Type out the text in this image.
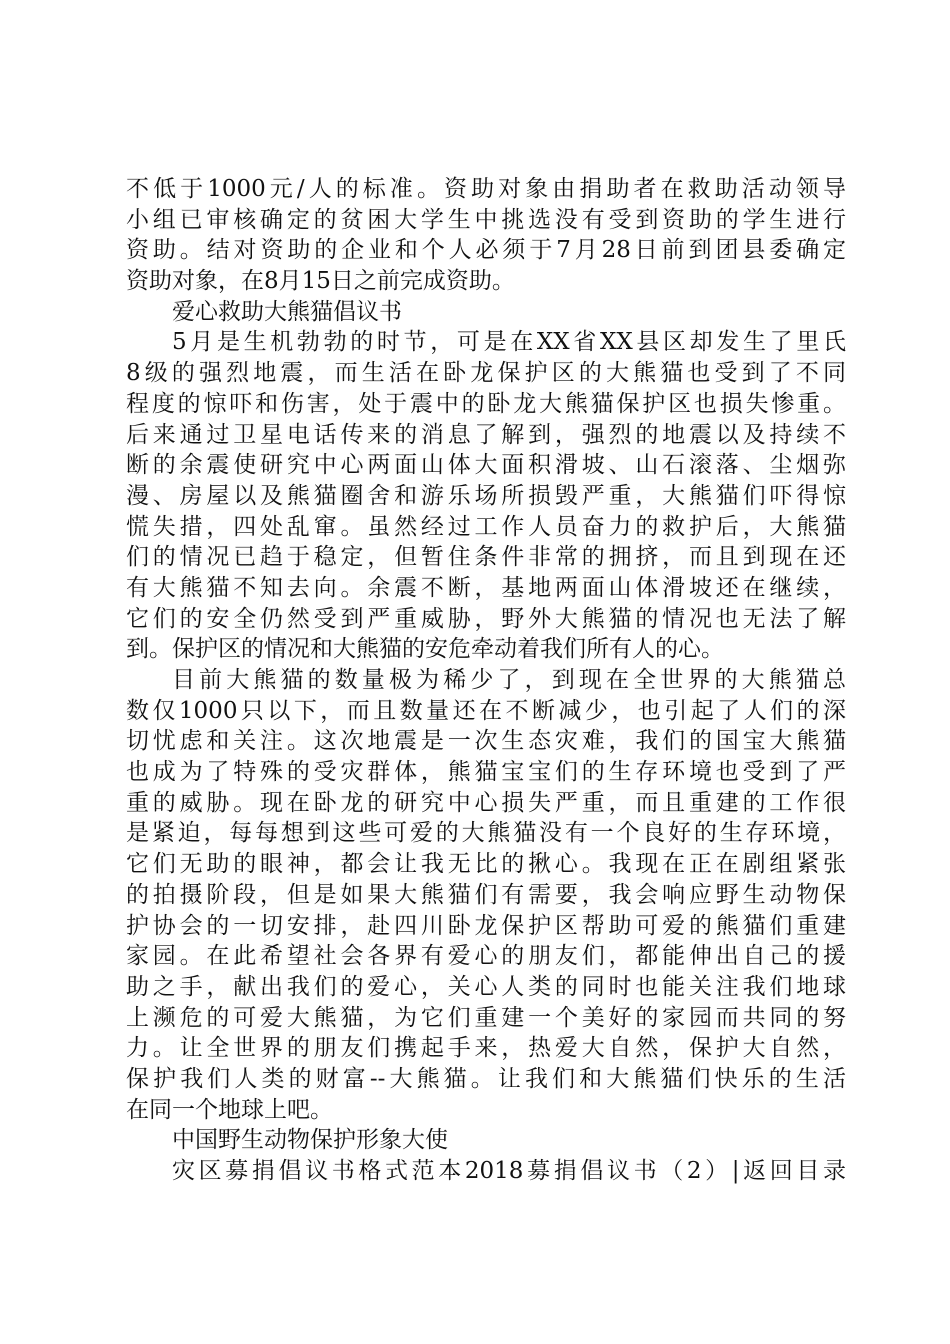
不低于1000元/人的标准。资助对象由捐助者在救助活动领导
小组已审核确定的贫困大学生中挑选没有受到资助的学生进行
资助。结对资助的企业和个人必须于7月28日前到团县委确定
资助对象，在8月15日之前完成资助。
爱心救助大熊猫倡议书
5月是生机勃勃的时节，可是在XX省XX县区却发生了里氏
8级的强烈地震，而生活在卧龙保护区的大熊猫也受到了不同
程度的惊吓和伤害，处于震中的卧龙大熊猫保护区也损失惨重。
后来通过卫星电话传来的消息了解到，强烈的地震以及持续不
断的余震使研究中心两面山体大面积滑坡、山石滚落、尘烟弥
漫、房屋以及熊猫圈舍和游乐场所损毁严重，大熊猫们吓得惊
慌失措，四处乱窜。虽然经过工作人员奋力的救护后，大熊猫
们的情况已趋于稳定，但暂住条件非常的拥挤，而且到现在还
有大熊猫不知去向。余震不断，基地两面山体滑坡还在继续，
它们的安全仍然受到严重威胁，野外大熊猫的情况也无法了解
到。保护区的情况和大熊猫的安危牵动着我们所有人的心。
目前大熊猫的数量极为稀少了，到现在全世界的大熊猫总
数仅1000只以下，而且数量还在不断减少，也引起了人们的深
切忧虑和关注。这次地震是一次生态灾难，我们的国宝大熊猫
也成为了特殊的受灾群体，熊猫宝宝们的生存环境也受到了严
重的威胁。现在卧龙的研究中心损失严重，而且重建的工作很
是紧迫，每每想到这些可爱的大熊猫没有一个良好的生存环境，
它们无助的眼神，都会让我无比的揪心。我现在正在剧组紧张
的拍摄阶段，但是如果大熊猫们有需要，我会响应野生动物保
护协会的一切安排，赴四川卧龙保护区帮助可爱的熊猫们重建
家园。在此希望社会各界有爱心的朋友们，都能伸出自己的援
助之手，献出我们的爱心，关心人类的同时也能关注我们地球
上濒危的可爱大熊猫，为它们重建一个美好的家园而共同的努
力。让全世界的朋友们携起手来，热爱大自然，保护大自然，
保护我们人类的财富--大熊猫。让我们和大熊猫们快乐的生活
在同一个地球上吧。
中国野生动物保护形象大使
灾区募捐倡议书格式范本2018募捐倡议书（2）|返回目录
